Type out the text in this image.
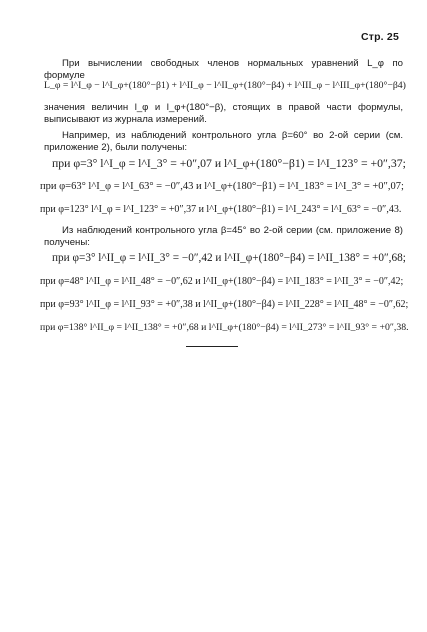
Стр. 25
При вычислении свободных членов нормальных уравнений L_φ по формуле
L_φ = l^I_φ − l^I_φ+(180°−β1) + l^II_φ − l^II_φ+(180°−β4) + l^III_φ − l^III_φ+(180°−β4)
значения величин l_φ и l_φ+(180°−β), стоящих в правой части формулы, выписывают из журнала измерений.
Например, из наблюдений контрольного угла β=60° во 2-ой серии (см. приложение 2), были получены:
при φ=3° l^I_φ = l^I_3° = +0″,07 и l^I_φ+(180°−β1) = l^I_123° = +0″,37;
при φ=63° l^I_φ = l^I_63° = −0″,43 и l^I_φ+(180°−β1) = l^I_183° = l^I_3° = +0″,07;
при φ=123° l^I_φ = l^I_123° = +0″,37 и l^I_φ+(180°−β1) = l^I_243° = l^I_63° = −0″,43.
Из наблюдений контрольного угла β=45° во 2-ой серии (см. приложение 8) получены:
при φ=3° l^II_φ = l^II_3° = −0″,42 и l^II_φ+(180°−β4) = l^II_138° = +0″,68;
при φ=48° l^II_φ = l^II_48° = −0″,62 и l^II_φ+(180°−β4) = l^II_183° = l^II_3° = −0″,42;
при φ=93° l^II_φ = l^II_93° = +0″,38 и l^II_φ+(180°−β4) = l^II_228° = l^II_48° = −0″,62;
при φ=138° l^II_φ = l^II_138° = +0″,68 и l^II_φ+(180°−β4) = l^II_273° = l^II_93° = +0″,38.
